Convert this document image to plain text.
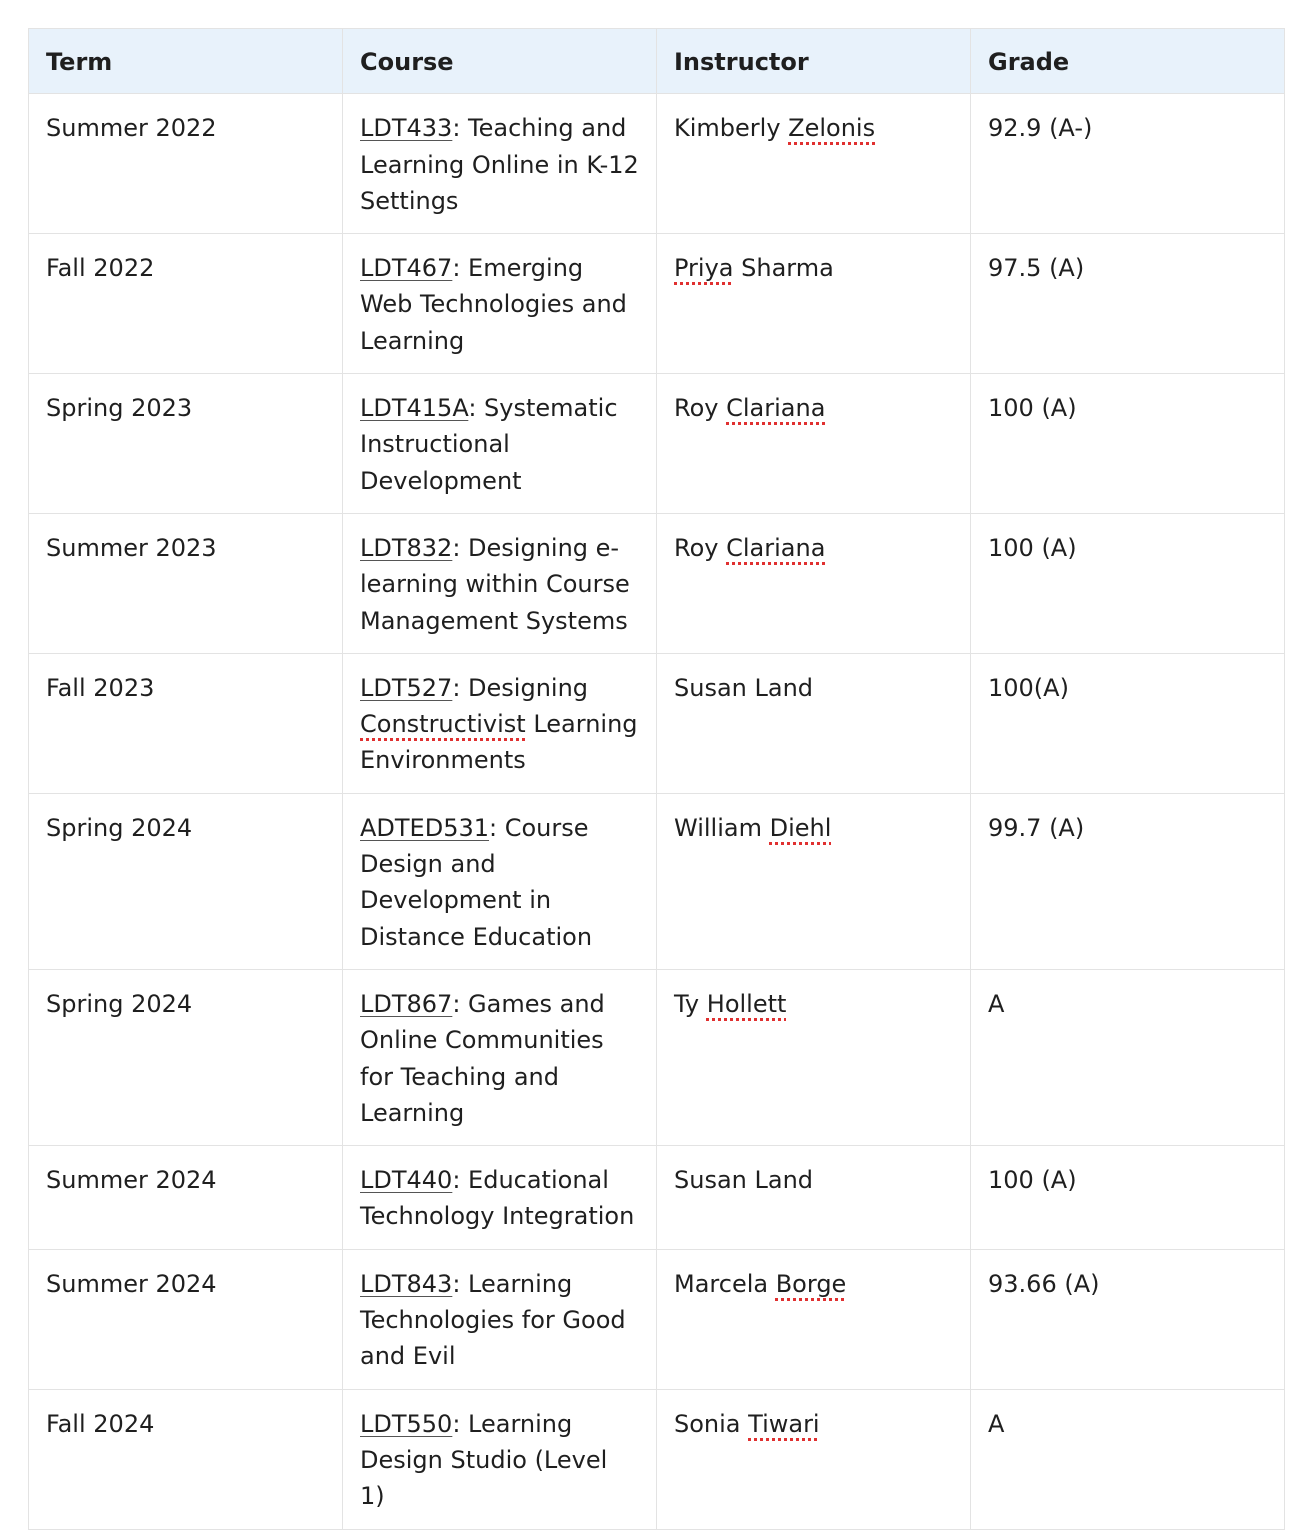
Term	Course	Instructor	Grade
Summer 2022	LDT433: Teaching and Learning Online in K-12 Settings	Kimberly Zelonis	92.9 (A-)
Fall 2022	LDT467: Emerging Web Technologies and Learning	Priya Sharma	97.5 (A)
Spring 2023	LDT415A: Systematic Instructional Development	Roy Clariana	100 (A)
Summer 2023	LDT832: Designing e-learning within Course Management Systems	Roy Clariana	100 (A)
Fall 2023	LDT527: Designing Constructivist Learning Environments	Susan Land	100(A)
Spring 2024	ADTED531: Course Design and Development in Distance Education	William Diehl	99.7 (A)
Spring 2024	LDT867: Games and Online Communities for Teaching and Learning	Ty Hollett	A
Summer 2024	LDT440: Educational Technology Integration	Susan Land	100 (A)
Summer 2024	LDT843: Learning Technologies for Good and Evil	Marcela Borge	93.66 (A)
Fall 2024	LDT550: Learning Design Studio (Level 1)	Sonia Tiwari	A
